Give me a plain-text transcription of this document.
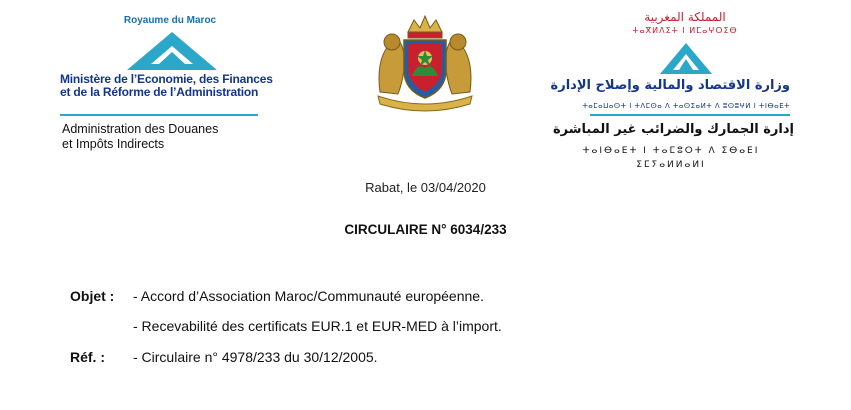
Royaume du Maroc
Ministère de l’Economie, des Finances
et de la Réforme de l’Administration
Administration des Douanes
et Impôts Indirects
المملكة المغربية
ⵜⴰⴳⵍⴷⵉⵜ ⵏ ⵍⵎⴰⵖⵔⵉⴱ
وزارة الاقتصاد والمالية وإصلاح الإدارة
ⵜⴰⵎⴰⵡⴰⵙⵜ ⵏ ⵜⴷⵎⵙⴰ ⴷ ⵜⴰⵙⵉⴰⵍⵜ ⴷ ⵓⵙⵓⵖⵍ ⵏ ⵜⵏⴱⴰⴹⵜ
إدارة الجمارك والضرائب غير المباشرة
ⵜⴰⵏⴱⴰⴹⵜ ⵏ ⵜⴰⵎⵓⵔⵜ ⴷ ⵉⴱⴰⴹⵏ
ⵉⵎⵢⴰⵍⵍⴰⵍⵏ
Rabat, le 03/04/2020
CIRCULAIRE N° 6034/233
Objet : - Accord d’Association Maroc/Communauté européenne.
- Recevabilité des certificats EUR.1 et EUR-MED à l’import.
Réf. : - Circulaire n° 4978/233 du 30/12/2005.
